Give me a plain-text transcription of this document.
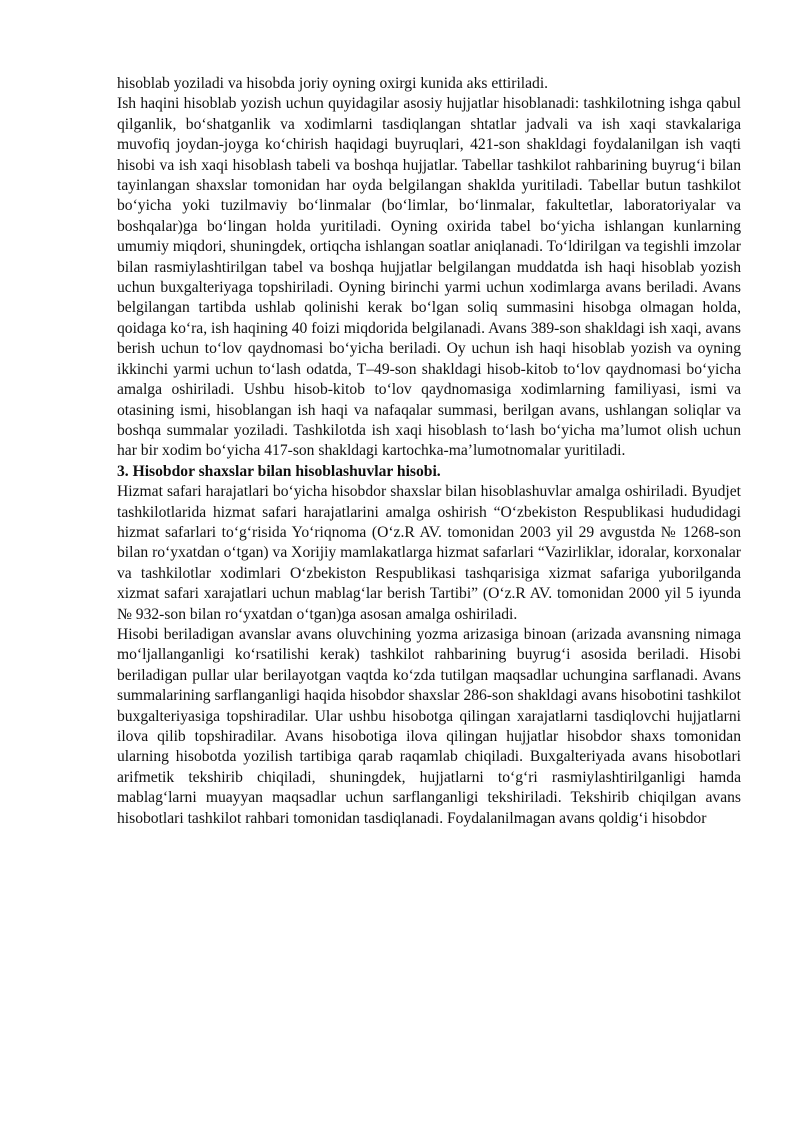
hisoblab yoziladi va hisobda joriy oyning oxirgi kunida aks ettiriladi.

Ish haqini hisoblab yozish uchun quyidagilar asosiy hujjatlar hisoblanadi: tashkilotning ishga qabul qilganlik, bo‘shatganlik va xodimlarni tasdiqlangan shtatlar jadvali va ish xaqi stavkalariga muvofiq joydan-joyga ko‘chirish haqidagi buyruqlari, 421-son shakldagi foydalanilgan ish vaqti hisobi va ish xaqi hisoblash tabeli va boshqa hujjatlar. Tabellar tashkilot rahbarining buyrug‘i bilan tayinlangan shaxslar tomonidan har oyda belgilangan shaklda yuritiladi. Tabellar butun tashkilot bo‘yicha yoki tuzilmaviy bo‘linmalar (bo‘limlar, bo‘linmalar, fakultetlar, laboratoriyalar va boshqalar)ga bo‘lingan holda yuritiladi. Oyning oxirida tabel bo‘yicha ishlangan kunlarning umumiy miqdori, shuningdek, ortiqcha ishlangan soatlar aniqlanadi. To‘ldirilgan va tegishli imzolar bilan rasmiylashtirilgan tabel va boshqa hujjatlar belgilangan muddatda ish haqi hisoblab yozish uchun buxgalteriyaga topshiriladi. Oyning birinchi yarmi uchun xodimlarga avans beriladi. Avans belgilangan tartibda ushlab qolinishi kerak bo‘lgan soliq summasini hisobga olmagan holda, qoidaga ko‘ra, ish haqining 40 foizi miqdorida belgilanadi. Avans 389-son shakldagi ish xaqi, avans berish uchun to‘lov qaydnomasi bo‘yicha beriladi. Oy uchun ish haqi hisoblab yozish va oyning ikkinchi yarmi uchun to‘lash odatda, T–49-son shakldagi hisob-kitob to‘lov qaydnomasi bo‘yicha amalga oshiriladi. Ushbu hisob-kitob to‘lov qaydnomasiga xodimlarning familiyasi, ismi va otasining ismi, hisoblangan ish haqi va nafaqalar summasi, berilgan avans, ushlangan soliqlar va boshqa summalar yoziladi. Tashkilotda ish xaqi hisoblash to‘lash bo‘yicha ma’lumot olish uchun har bir xodim bo‘yicha 417-son shakldagi kartochka-ma’lumotnomalar yuritiladi.

3. Hisobdor shaxslar bilan hisoblashuvlar hisobi.

Hizmat safari harajatlari bo‘yicha hisobdor shaxslar bilan hisoblashuvlar amalga oshiriladi. Byudjet tashkilotlarida hizmat safari harajatlarini amalga oshirish “O‘zbekiston Respublikasi hududidagi hizmat safarlari to‘g‘risida Yo‘riqnoma (O‘z.R AV. tomonidan 2003 yil 29 avgustda № 1268-son bilan ro‘yxatdan o‘tgan) va Xorijiy mamlakatlarga hizmat safarlari “Vazirliklar, idoralar, korxonalar va tashkilotlar xodimlari O‘zbekiston Respublikasi tashqarisiga xizmat safariga yuborilganda xizmat safari xarajatlari uchun mablag‘lar berish Tartibi” (O‘z.R AV. tomonidan 2000 yil 5 iyunda № 932-son bilan ro‘yxatdan o‘tgan)ga asosan amalga oshiriladi.

Hisobi beriladigan avanslar avans oluvchining yozma arizasiga binoan (arizada avansning nimaga mo‘ljallanganligi ko‘rsatilishi kerak) tashkilot rahbarining buyrug‘i asosida beriladi. Hisobi beriladigan pullar ular berilayotgan vaqtda ko‘zda tutilgan maqsadlar uchungina sarflanadi. Avans summalarining sarflanganligi haqida hisobdor shaxslar 286-son shakldagi avans hisobotini tashkilot buxgalteriyasiga topshiradilar. Ular ushbu hisobotga qilingan xarajatlarni tasdiqlovchi hujjatlarni ilova qilib topshiradilar. Avans hisobotiga ilova qilingan hujjatlar hisobdor shaxs tomonidan ularning hisobotda yozilish tartibiga qarab raqamlab chiqiladi. Buxgalteriyada avans hisobotlari arifmetik tekshirib chiqiladi, shuningdek, hujjatlarni to‘g‘ri rasmiylashtirilganligi hamda mablag‘larni muayyan maqsadlar uchun sarflanganligi tekshiriladi. Tekshirib chiqilgan avans hisobotlari tashkilot rahbari tomonidan tasdiqlanadi. Foydalanilmagan avans qoldig‘i hisobdor
